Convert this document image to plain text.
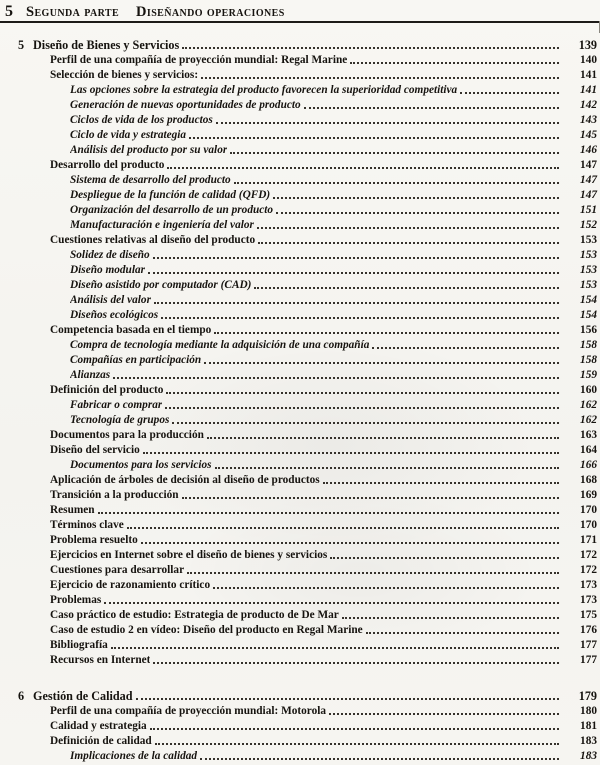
5 Segunda parte Diseñando operaciones
5 Diseño de Bienes y Servicios	139
Perfil de una compañía de proyección mundial: Regal Marine	140
Selección de bienes y servicios:	141
Las opciones sobre la estrategia del producto favorecen la superioridad competitiva	141
Generación de nuevas oportunidades de producto	142
Ciclos de vida de los productos	143
Ciclo de vida y estrategia	145
Análisis del producto por su valor	146
Desarrollo del producto	147
Sistema de desarrollo del producto	147
Despliegue de la función de calidad (QFD)	147
Organización del desarrollo de un producto	151
Manufacturación e ingeniería del valor	152
Cuestiones relativas al diseño del producto	153
Solidez de diseño	153
Diseño modular	153
Diseño asistido por computador (CAD)	153
Análisis del valor	154
Diseños ecológicos	154
Competencia basada en el tiempo	156
Compra de tecnología mediante la adquisición de una compañía	158
Compañías en participación	158
Alianzas	159
Definición del producto	160
Fabricar o comprar	162
Tecnología de grupos	162
Documentos para la producción	163
Diseño del servicio	164
Documentos para los servicios	166
Aplicación de árboles de decisión al diseño de productos	168
Transición a la producción	169
Resumen	170
Términos clave	170
Problema resuelto	171
Ejercicios en Internet sobre el diseño de bienes y servicios	172
Cuestiones para desarrollar	172
Ejercicio de razonamiento crítico	173
Problemas	173
Caso práctico de estudio: Estrategia de producto de De Mar	175
Caso de estudio 2 en vídeo: Diseño del producto en Regal Marine	176
Bibliografía	177
Recursos en Internet	177
6 Gestión de Calidad	179
Perfil de una compañía de proyección mundial: Motorola	180
Calidad y estrategia	181
Definición de calidad	183
Implicaciones de la calidad	183
